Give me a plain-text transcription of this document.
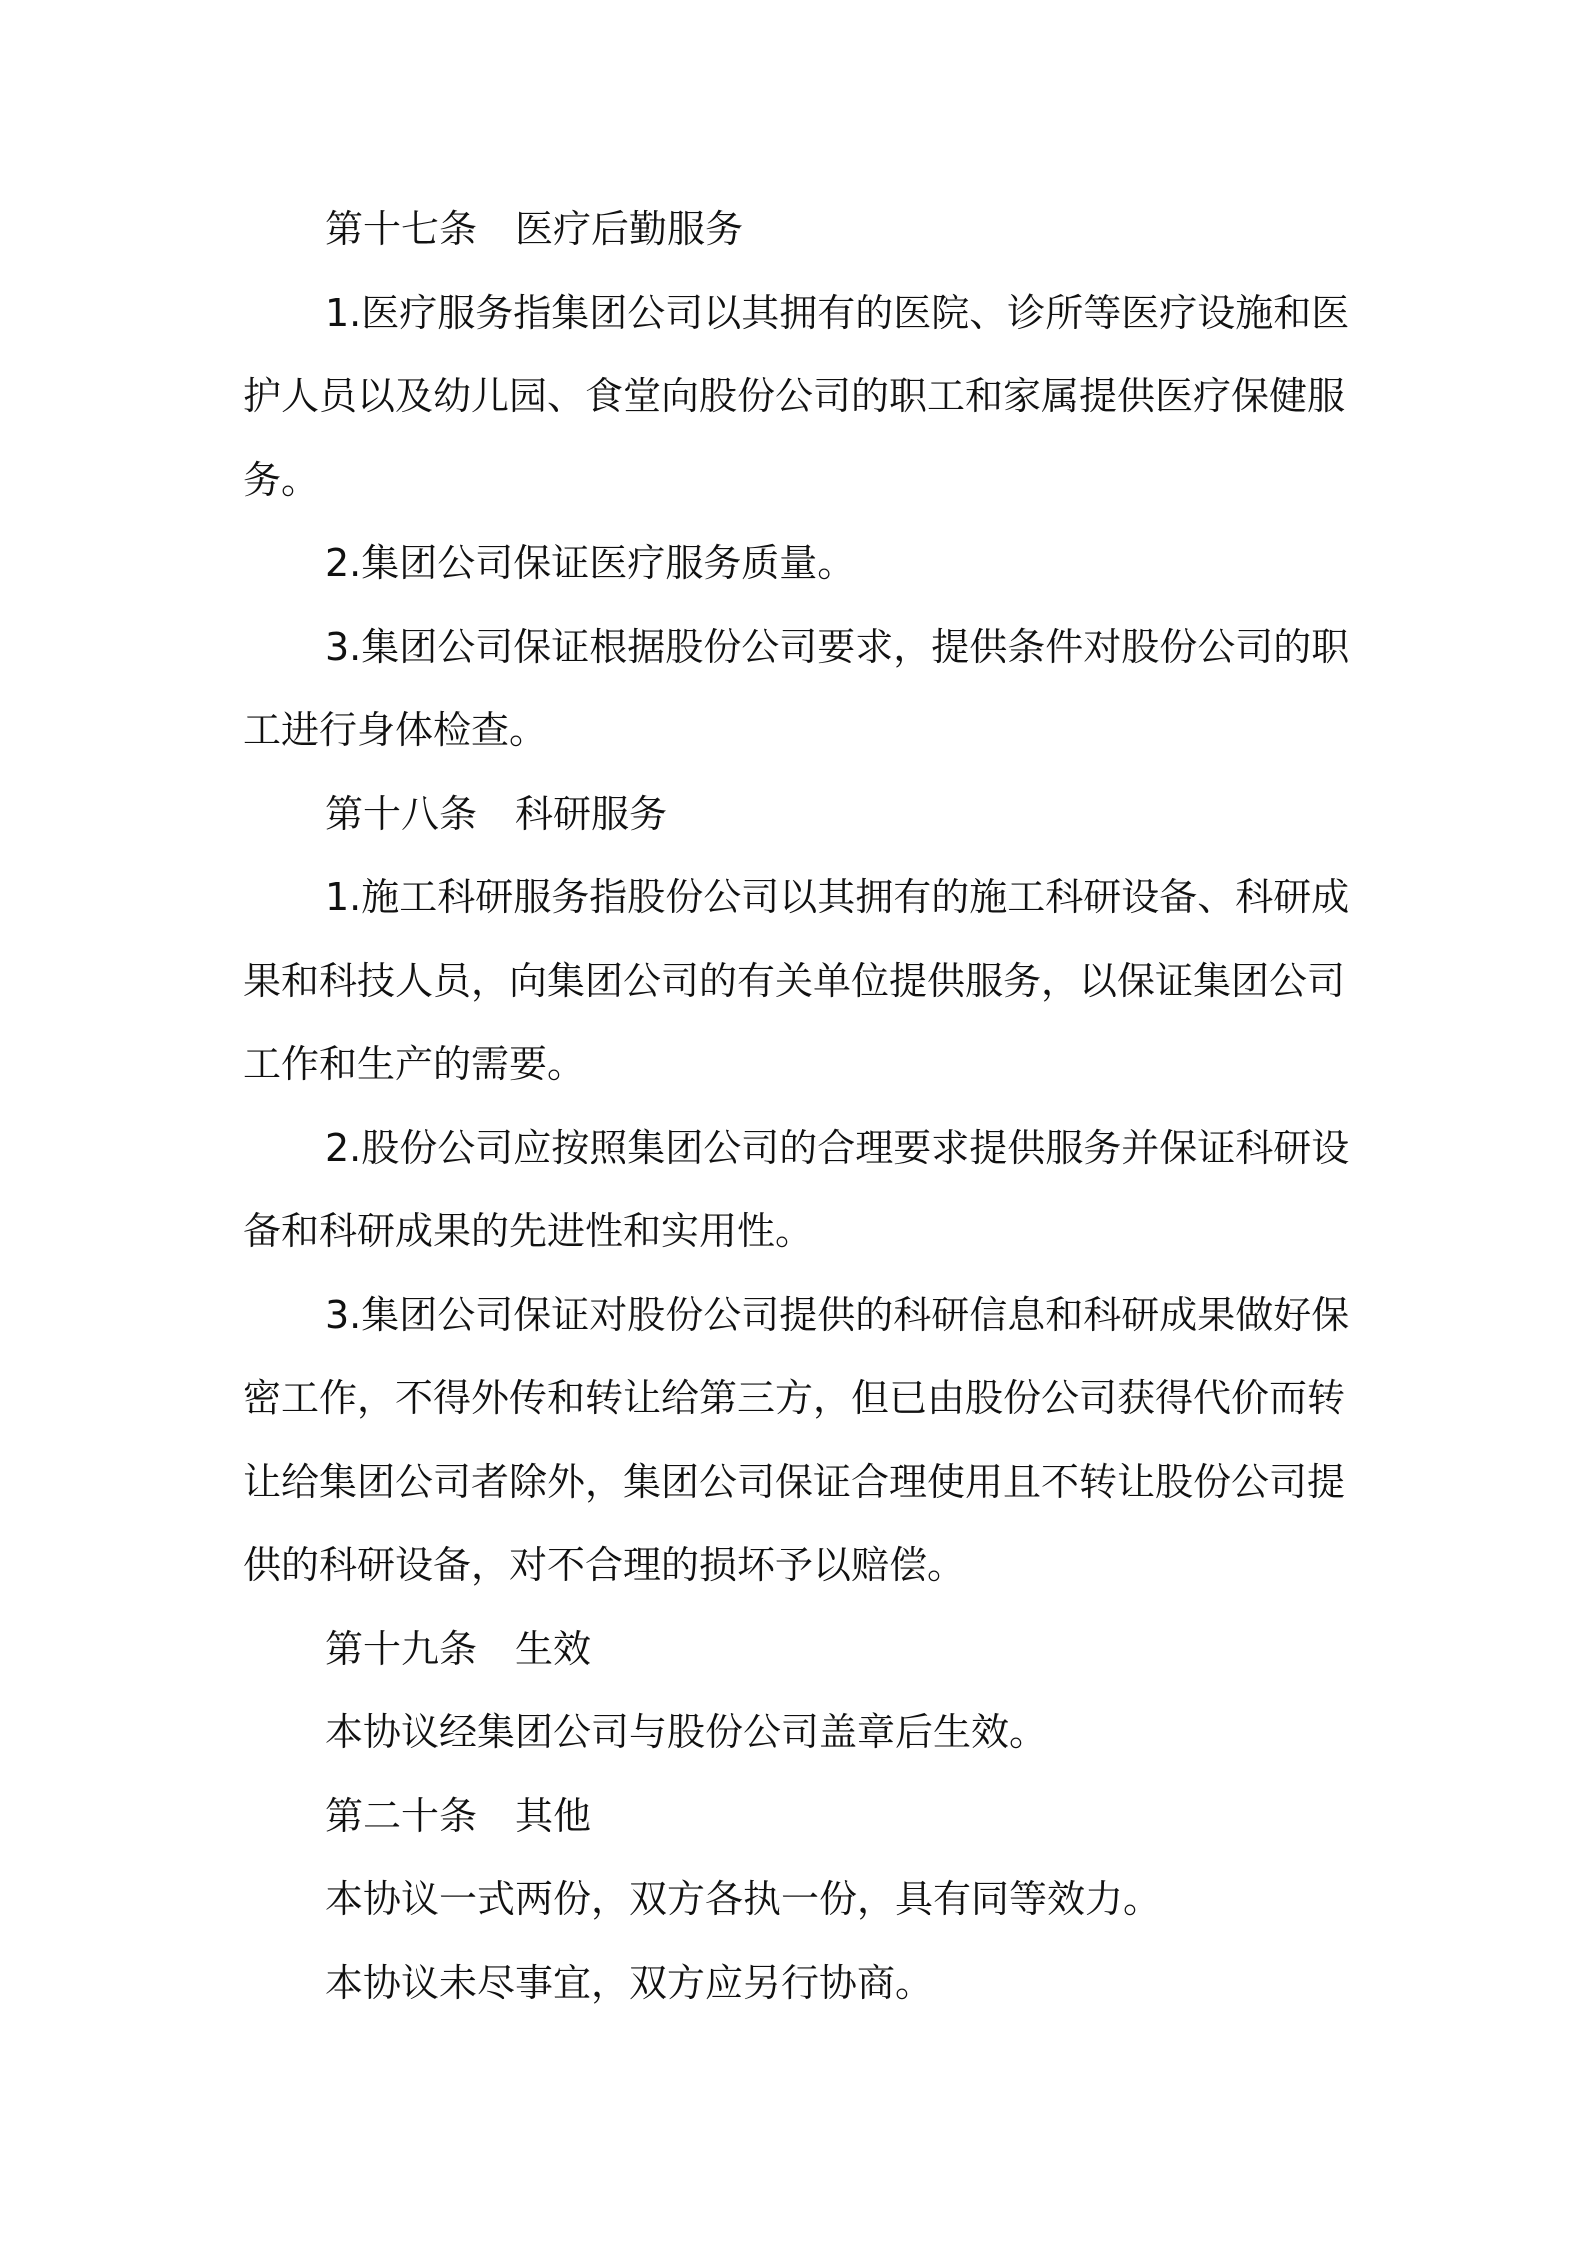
第十七条 医疗后勤服务

1.医疗服务指集团公司以其拥有的医院、诊所等医疗设施和医护人员以及幼儿园、食堂向股份公司的职工和家属提供医疗保健服务。

2.集团公司保证医疗服务质量。

3.集团公司保证根据股份公司要求，提供条件对股份公司的职工进行身体检查。

第十八条 科研服务

1.施工科研服务指股份公司以其拥有的施工科研设备、科研成果和科技人员，向集团公司的有关单位提供服务，以保证集团公司工作和生产的需要。

2.股份公司应按照集团公司的合理要求提供服务并保证科研设备和科研成果的先进性和实用性。

3.集团公司保证对股份公司提供的科研信息和科研成果做好保密工作，不得外传和转让给第三方，但已由股份公司获得代价而转让给集团公司者除外，集团公司保证合理使用且不转让股份公司提供的科研设备，对不合理的损坏予以赔偿。

第十九条 生效

本协议经集团公司与股份公司盖章后生效。

第二十条 其他

本协议一式两份，双方各执一份，具有同等效力。

本协议未尽事宜，双方应另行协商。
